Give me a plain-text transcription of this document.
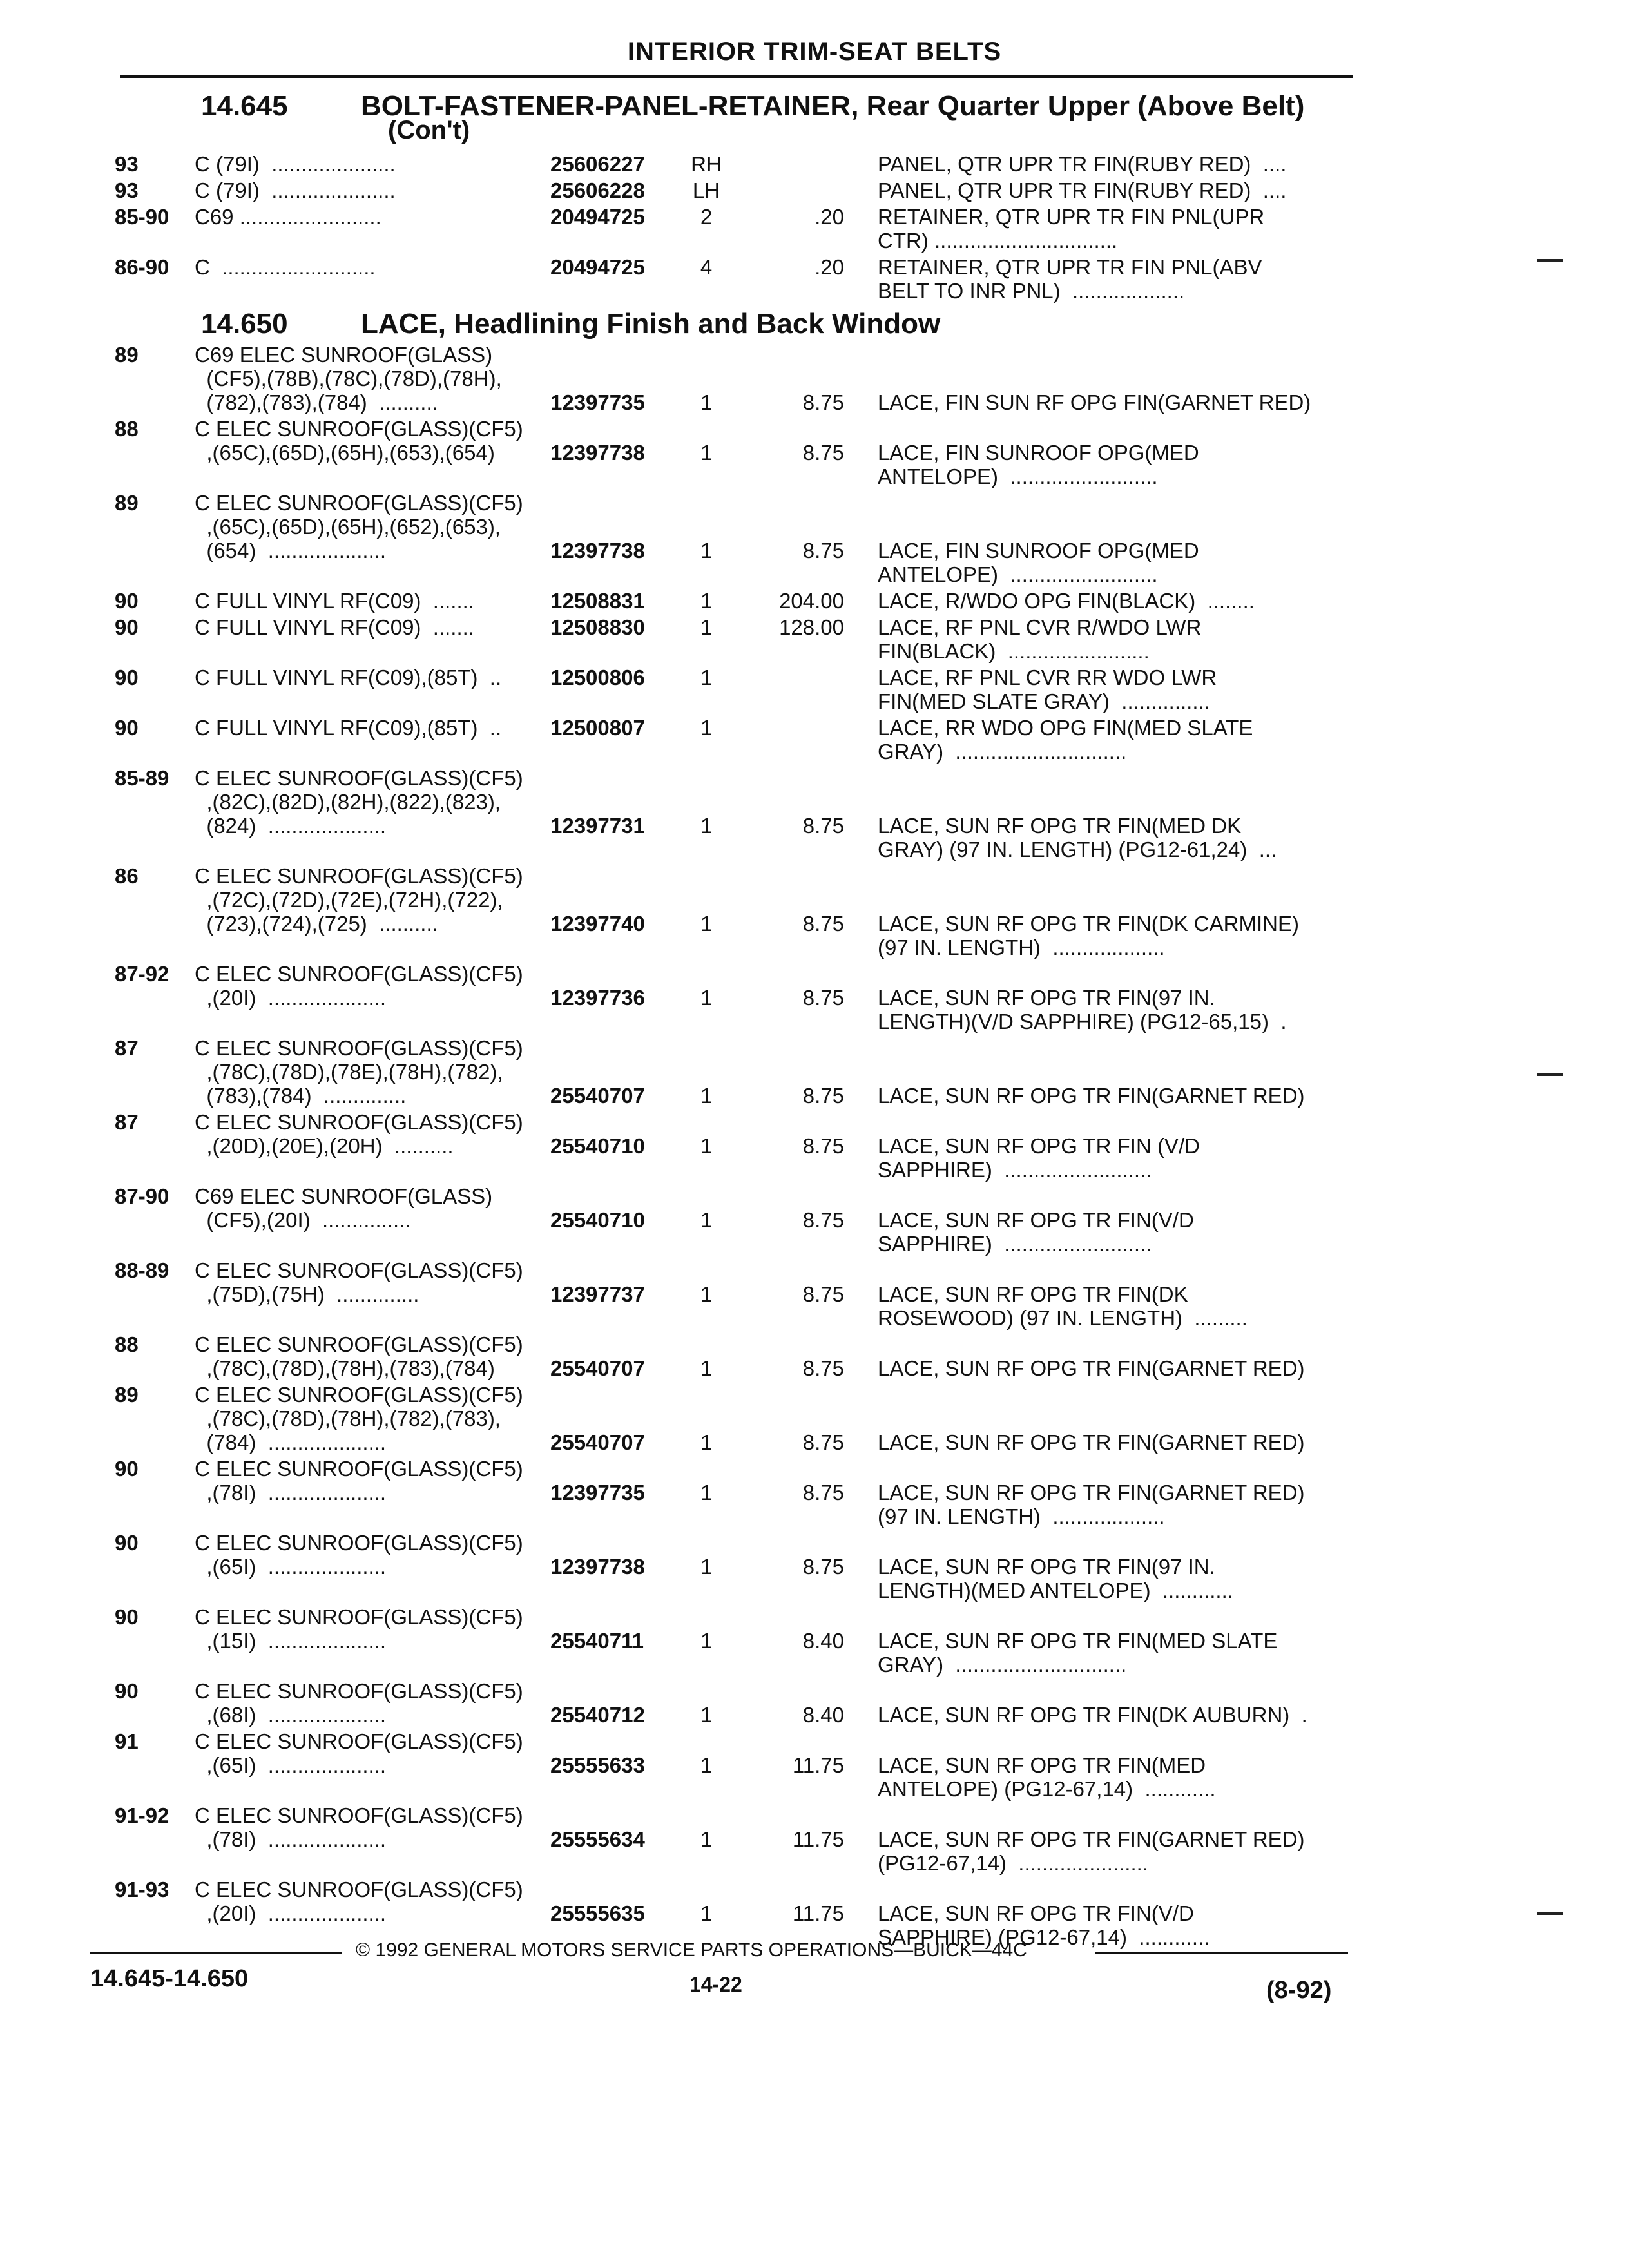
INTERIOR TRIM-SEAT BELTS
14.645	BOLT-FASTENER-PANEL-RETAINER, Rear Quarter Upper (Above Belt)
(Con't)
93	C (79I)  .....................	25606227 RH	PANEL, QTR UPR TR FIN(RUBY RED)  ....
93	C (79I)  .....................	25606228 LH	PANEL, QTR UPR TR FIN(RUBY RED)  ....
85-90 C69 ........................	20494725	2	.20 RETAINER, QTR UPR TR FIN PNL(UPR
CTR) ...............................
86-90 C  ..........................	20494725	4	.20 RETAINER, QTR UPR TR FIN PNL(ABV
BELT TO INR PNL)  ...................
14.650	LACE, Headlining Finish and Back Window
89	C69 ELEC SUNROOF(GLASS)
(CF5),(78B),(78C),(78D),(78H),
(782),(783),(784)  ..........	12397735	1	8.75 LACE, FIN SUN RF OPG FIN(GARNET RED)
88	C ELEC SUNROOF(GLASS)(CF5)
,(65C),(65D),(65H),(653),(654)	12397738	1	8.75 LACE, FIN SUNROOF OPG(MED
ANTELOPE)  .........................
89	C ELEC SUNROOF(GLASS)(CF5)
,(65C),(65D),(65H),(652),(653),
(654)  ....................	12397738	1	8.75 LACE, FIN SUNROOF OPG(MED
ANTELOPE)  .........................
90	C FULL VINYL RF(C09)  .......	12508831	1	204.00 LACE, R/WDO OPG FIN(BLACK)  ........
90	C FULL VINYL RF(C09)  .......	12508830	1	128.00 LACE, RF PNL CVR R/WDO LWR
FIN(BLACK)  ........................
90	C FULL VINYL RF(C09),(85T)  ..	12500806	1	LACE, RF PNL CVR RR WDO LWR
FIN(MED SLATE GRAY)  ...............
90	C FULL VINYL RF(C09),(85T)  ..	12500807	1	LACE, RR WDO OPG FIN(MED SLATE
GRAY)  .............................
85-89 C ELEC SUNROOF(GLASS)(CF5)
,(82C),(82D),(82H),(822),(823),
(824)  ....................	12397731	1	8.75 LACE, SUN RF OPG TR FIN(MED DK
GRAY) (97 IN. LENGTH) (PG12-61,24)  ...
86	C ELEC SUNROOF(GLASS)(CF5)
,(72C),(72D),(72E),(72H),(722),
(723),(724),(725)  ..........	12397740	1	8.75 LACE, SUN RF OPG TR FIN(DK CARMINE)
(97 IN. LENGTH)  ...................
87-92 C ELEC SUNROOF(GLASS)(CF5)
,(20I)  ....................	12397736	1	8.75 LACE, SUN RF OPG TR FIN(97 IN.
LENGTH)(V/D SAPPHIRE) (PG12-65,15)  .
87	C ELEC SUNROOF(GLASS)(CF5)
,(78C),(78D),(78E),(78H),(782),
(783),(784)  ..............	25540707	1	8.75 LACE, SUN RF OPG TR FIN(GARNET RED)
87	C ELEC SUNROOF(GLASS)(CF5)
,(20D),(20E),(20H)  ..........	25540710	1	8.75 LACE, SUN RF OPG TR FIN (V/D
SAPPHIRE)  .........................
87-90 C69 ELEC SUNROOF(GLASS)
(CF5),(20I)  ...............	25540710	1	8.75 LACE, SUN RF OPG TR FIN(V/D
SAPPHIRE)  .........................
88-89 C ELEC SUNROOF(GLASS)(CF5)
,(75D),(75H)  ..............	12397737	1	8.75 LACE, SUN RF OPG TR FIN(DK
ROSEWOOD) (97 IN. LENGTH)  .........
88	C ELEC SUNROOF(GLASS)(CF5)
,(78C),(78D),(78H),(783),(784)	25540707	1	8.75 LACE, SUN RF OPG TR FIN(GARNET RED)
89	C ELEC SUNROOF(GLASS)(CF5)
,(78C),(78D),(78H),(782),(783),
(784)  ....................	25540707	1	8.75 LACE, SUN RF OPG TR FIN(GARNET RED)
90	C ELEC SUNROOF(GLASS)(CF5)
,(78I)  ....................	12397735	1	8.75 LACE, SUN RF OPG TR FIN(GARNET RED)
(97 IN. LENGTH)  ...................
90	C ELEC SUNROOF(GLASS)(CF5)
,(65I)  ....................	12397738	1	8.75 LACE, SUN RF OPG TR FIN(97 IN.
LENGTH)(MED ANTELOPE)  ............
90	C ELEC SUNROOF(GLASS)(CF5)
,(15I)  ....................	25540711	1	8.40 LACE, SUN RF OPG TR FIN(MED SLATE
GRAY)  .............................
90	C ELEC SUNROOF(GLASS)(CF5)
,(68I)  ....................	25540712	1	8.40 LACE, SUN RF OPG TR FIN(DK AUBURN)  .
91	C ELEC SUNROOF(GLASS)(CF5)
,(65I)  ....................	25555633	1	11.75 LACE, SUN RF OPG TR FIN(MED
ANTELOPE) (PG12-67,14)  ............
91-92 C ELEC SUNROOF(GLASS)(CF5)
,(78I)  ....................	25555634	1	11.75 LACE, SUN RF OPG TR FIN(GARNET RED)
(PG12-67,14)  ......................
91-93 C ELEC SUNROOF(GLASS)(CF5)
,(20I)  ....................	25555635	1	11.75 LACE, SUN RF OPG TR FIN(V/D
SAPPHIRE) (PG12-67,14)  ............
© 1992 GENERAL MOTORS SERVICE PARTS OPERATIONS—BUICK—44C
14.645-14.650	14-22	(8-92)
